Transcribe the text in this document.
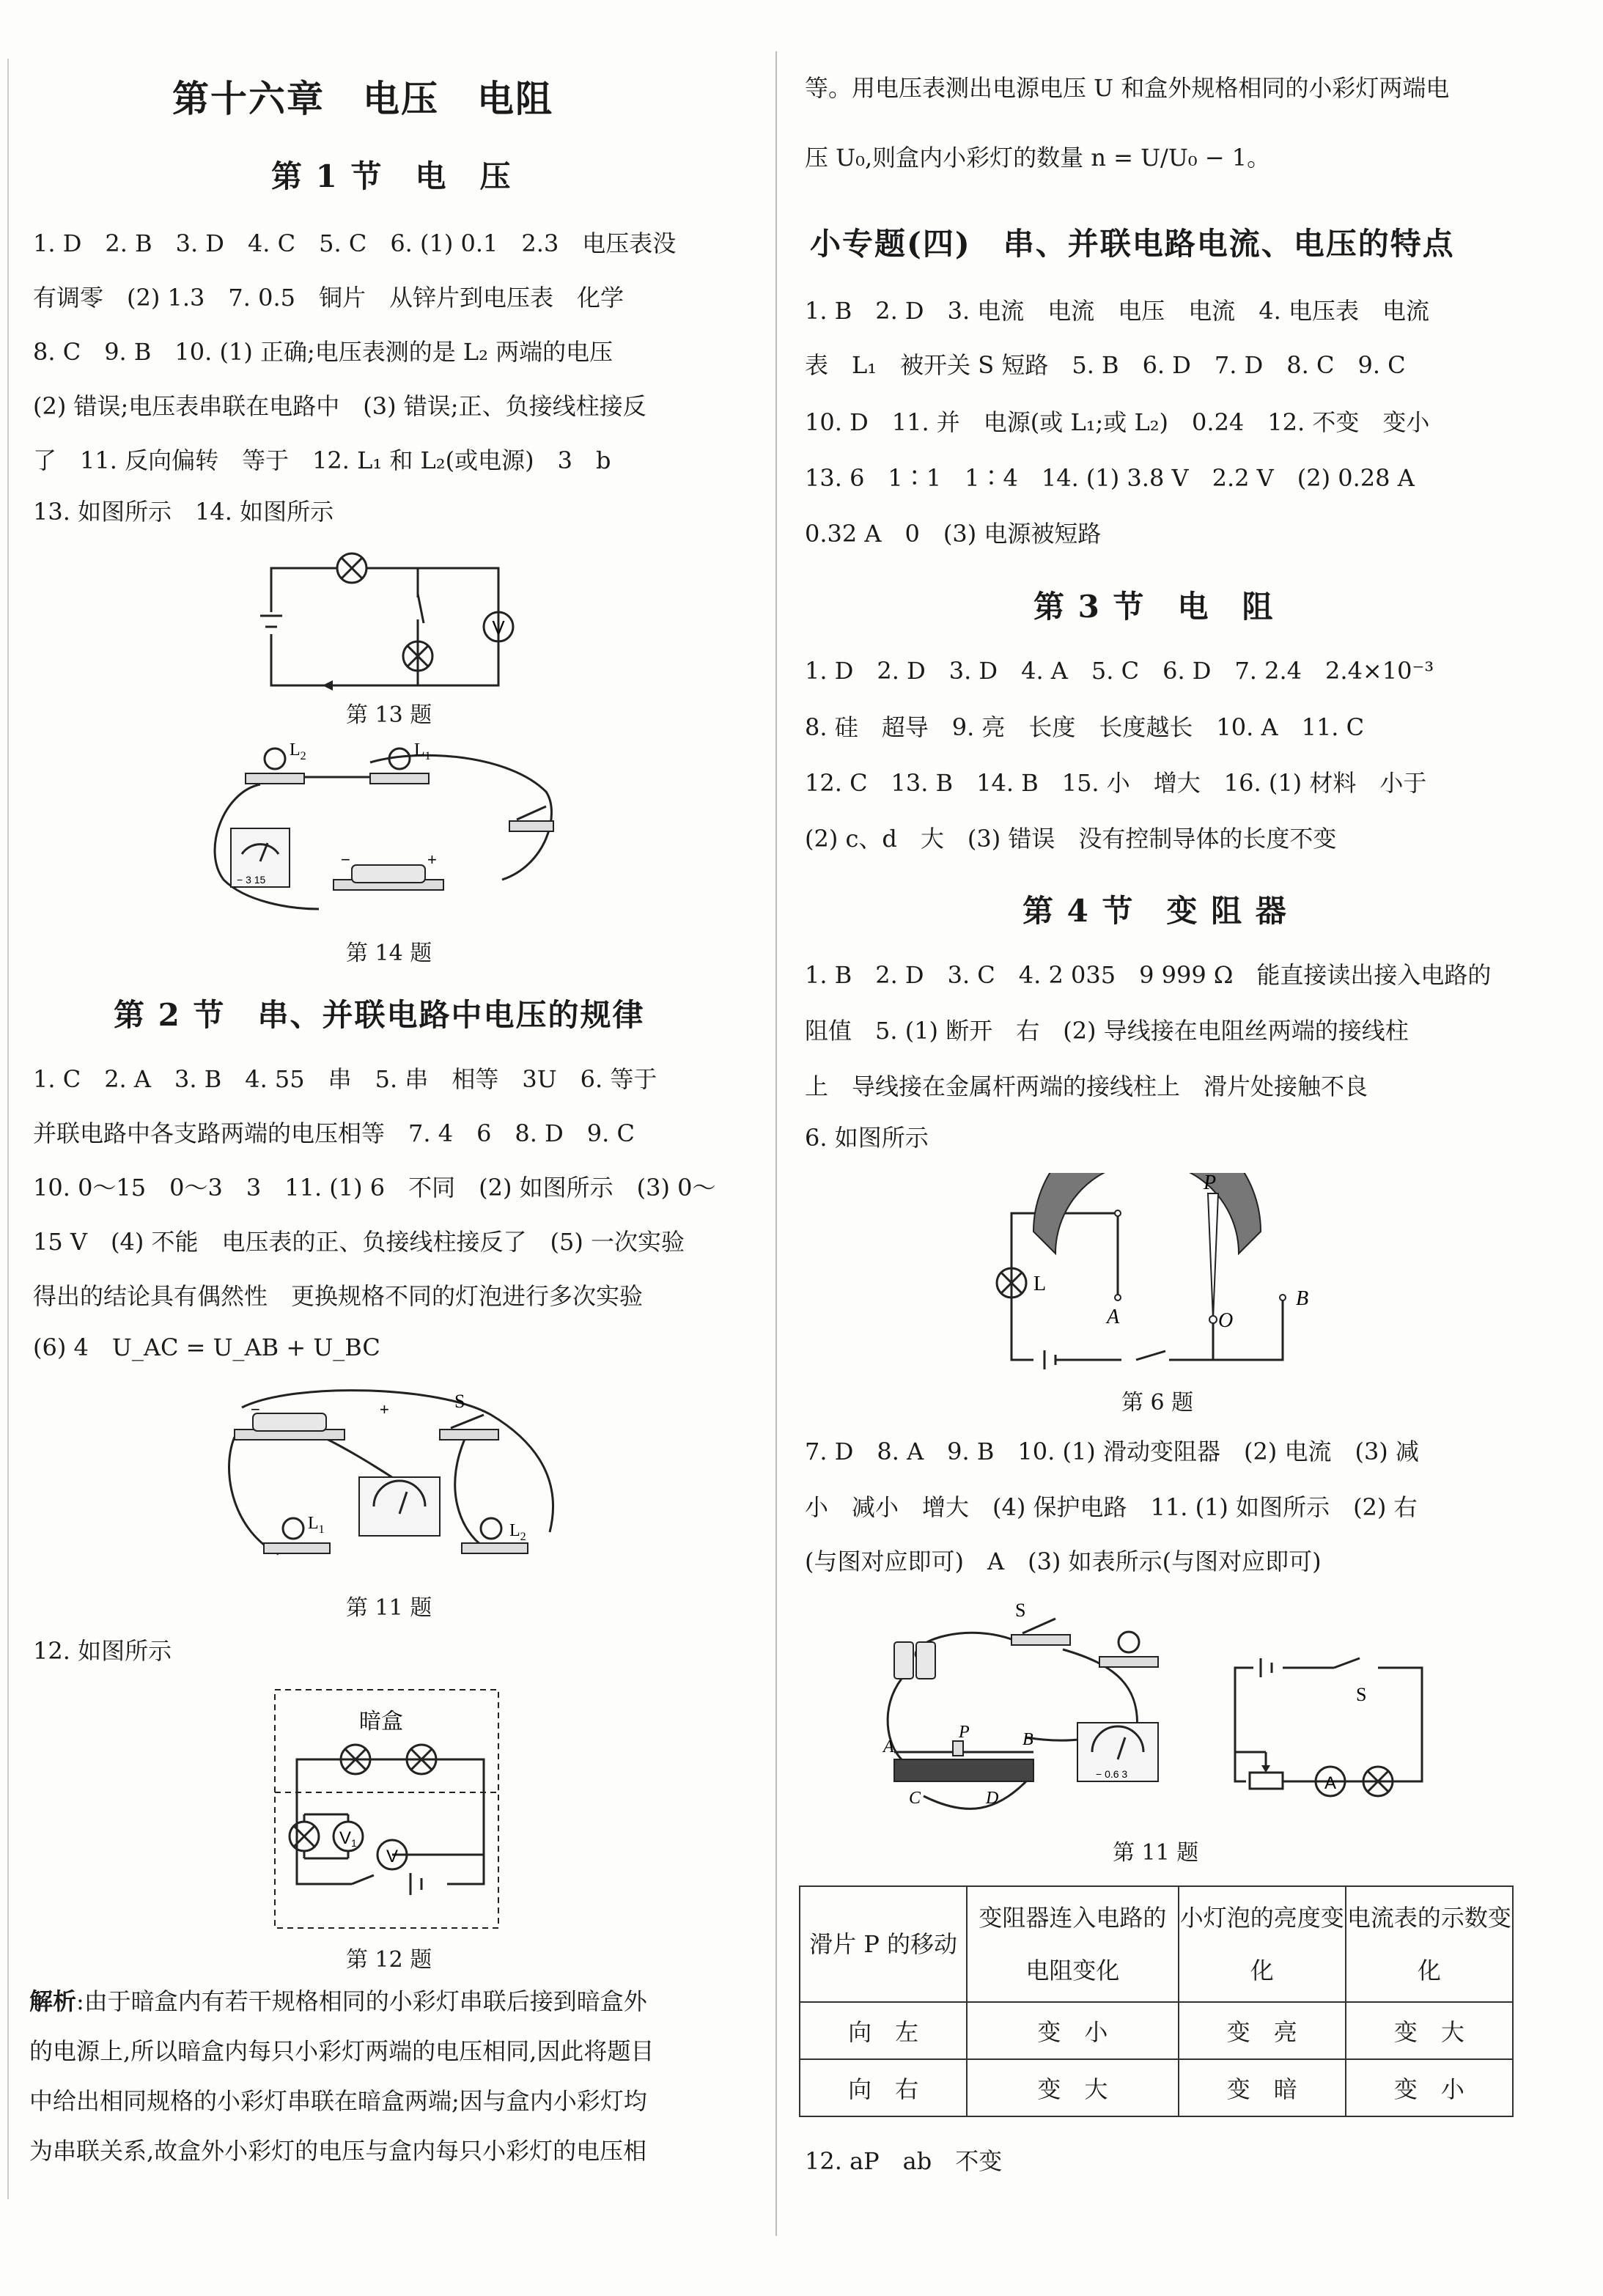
第十六章　电压　电阻
第 1 节　电　压
1. D　2. B　3. D　4. C　5. C　6. (1) 0.1　2.3　电压表没
有调零　(2) 1.3　7. 0.5　铜片　从锌片到电压表　化学
8. C　9. B　10. (1) 正确;电压表测的是 L₂ 两端的电压
(2) 错误;电压表串联在电路中　(3) 错误;正、负接线柱接反
了　11. 反向偏转　等于　12. L₁ 和 L₂(或电源)　3　b
13. 如图所示　14. 如图所示
V
第 13 题
$L_2$	$L_1$
− 3 15
−	+
第 14 题
第 2 节　串、并联电路中电压的规律
1. C　2. A　3. B　4. 55　串　5. 串　相等　3U　6. 等于
并联电路中各支路两端的电压相等　7. 4　6　8. D　9. C
10. 0～15　0～3　3　11. (1) 6　不同　(2) 如图所示　(3) 0～
15 V　(4) 不能　电压表的正、负接线柱接反了　(5) 一次实验
得出的结论具有偶然性　更换规格不同的灯泡进行多次实验
(6) 4　U_AC = U_AB + U_BC
−	+	S
$L_1$	$L_2$
第 11 题
12. 如图所示
暗盒
V1
V
第 12 题
解析:由于暗盒内有若干规格相同的小彩灯串联后接到暗盒外
的电源上,所以暗盒内每只小彩灯两端的电压相同,因此将题目
中给出相同规格的小彩灯串联在暗盒两端;因与盒内小彩灯均
为串联关系,故盒外小彩灯的电压与盒内每只小彩灯的电压相
等。用电压表测出电源电压 U 和盒外规格相同的小彩灯两端电
压 U₀,则盒内小彩灯的数量 n = U/U₀ − 1。
小专题(四)　串、并联电路电流、电压的特点
1. B　2. D　3. 电流　电流　电压　电流　4. 电压表　电流
表　L₁　被开关 S 短路　5. B　6. D　7. D　8. C　9. C
10. D　11. 并　电源(或 L₁;或 L₂)　0.24　12. 不变　变小
13. 6　1∶1　1∶4　14. (1) 3.8 V　2.2 V　(2) 0.28 A
0.32 A　0　(3) 电源被短路
第 3 节　电　阻
1. D　2. D　3. D　4. A　5. C　6. D　7. 2.4　2.4×10⁻³
8. 硅　超导　9. 亮　长度　长度越长　10. A　11. C
12. C　13. B　14. B　15. 小　增大　16. (1) 材料　小于
(2) c、d　大　(3) 错误　没有控制导体的长度不变
第 4 节　变 阻 器
1. B　2. D　3. C　4. 2 035　9 999 Ω　能直接读出接入电路的
阻值　5. (1) 断开　右　(2) 导线接在电阻丝两端的接线柱
上　导线接在金属杆两端的接线柱上　滑片处接触不良
6. 如图所示
P
A	O
B
L
第 6 题
7. D　8. A　9. B　10. (1) 滑动变阻器　(2) 电流　(3) 减
小　减小　增大　(4) 保护电路　11. (1) 如图所示　(2) 右
(与图对应即可)　A　(3) 如表所示(与图对应即可)
S
A
P	B
C	D
− 0.6 3
S
A
第 11 题
滑片 P 的移动	变阻器连入电路的电阻变化	小灯泡的亮度变化	电流表的示数变化
向　左	变　小	变　亮	变　大
向　右	变　大	变　暗	变　小
12. aP　ab　不变
